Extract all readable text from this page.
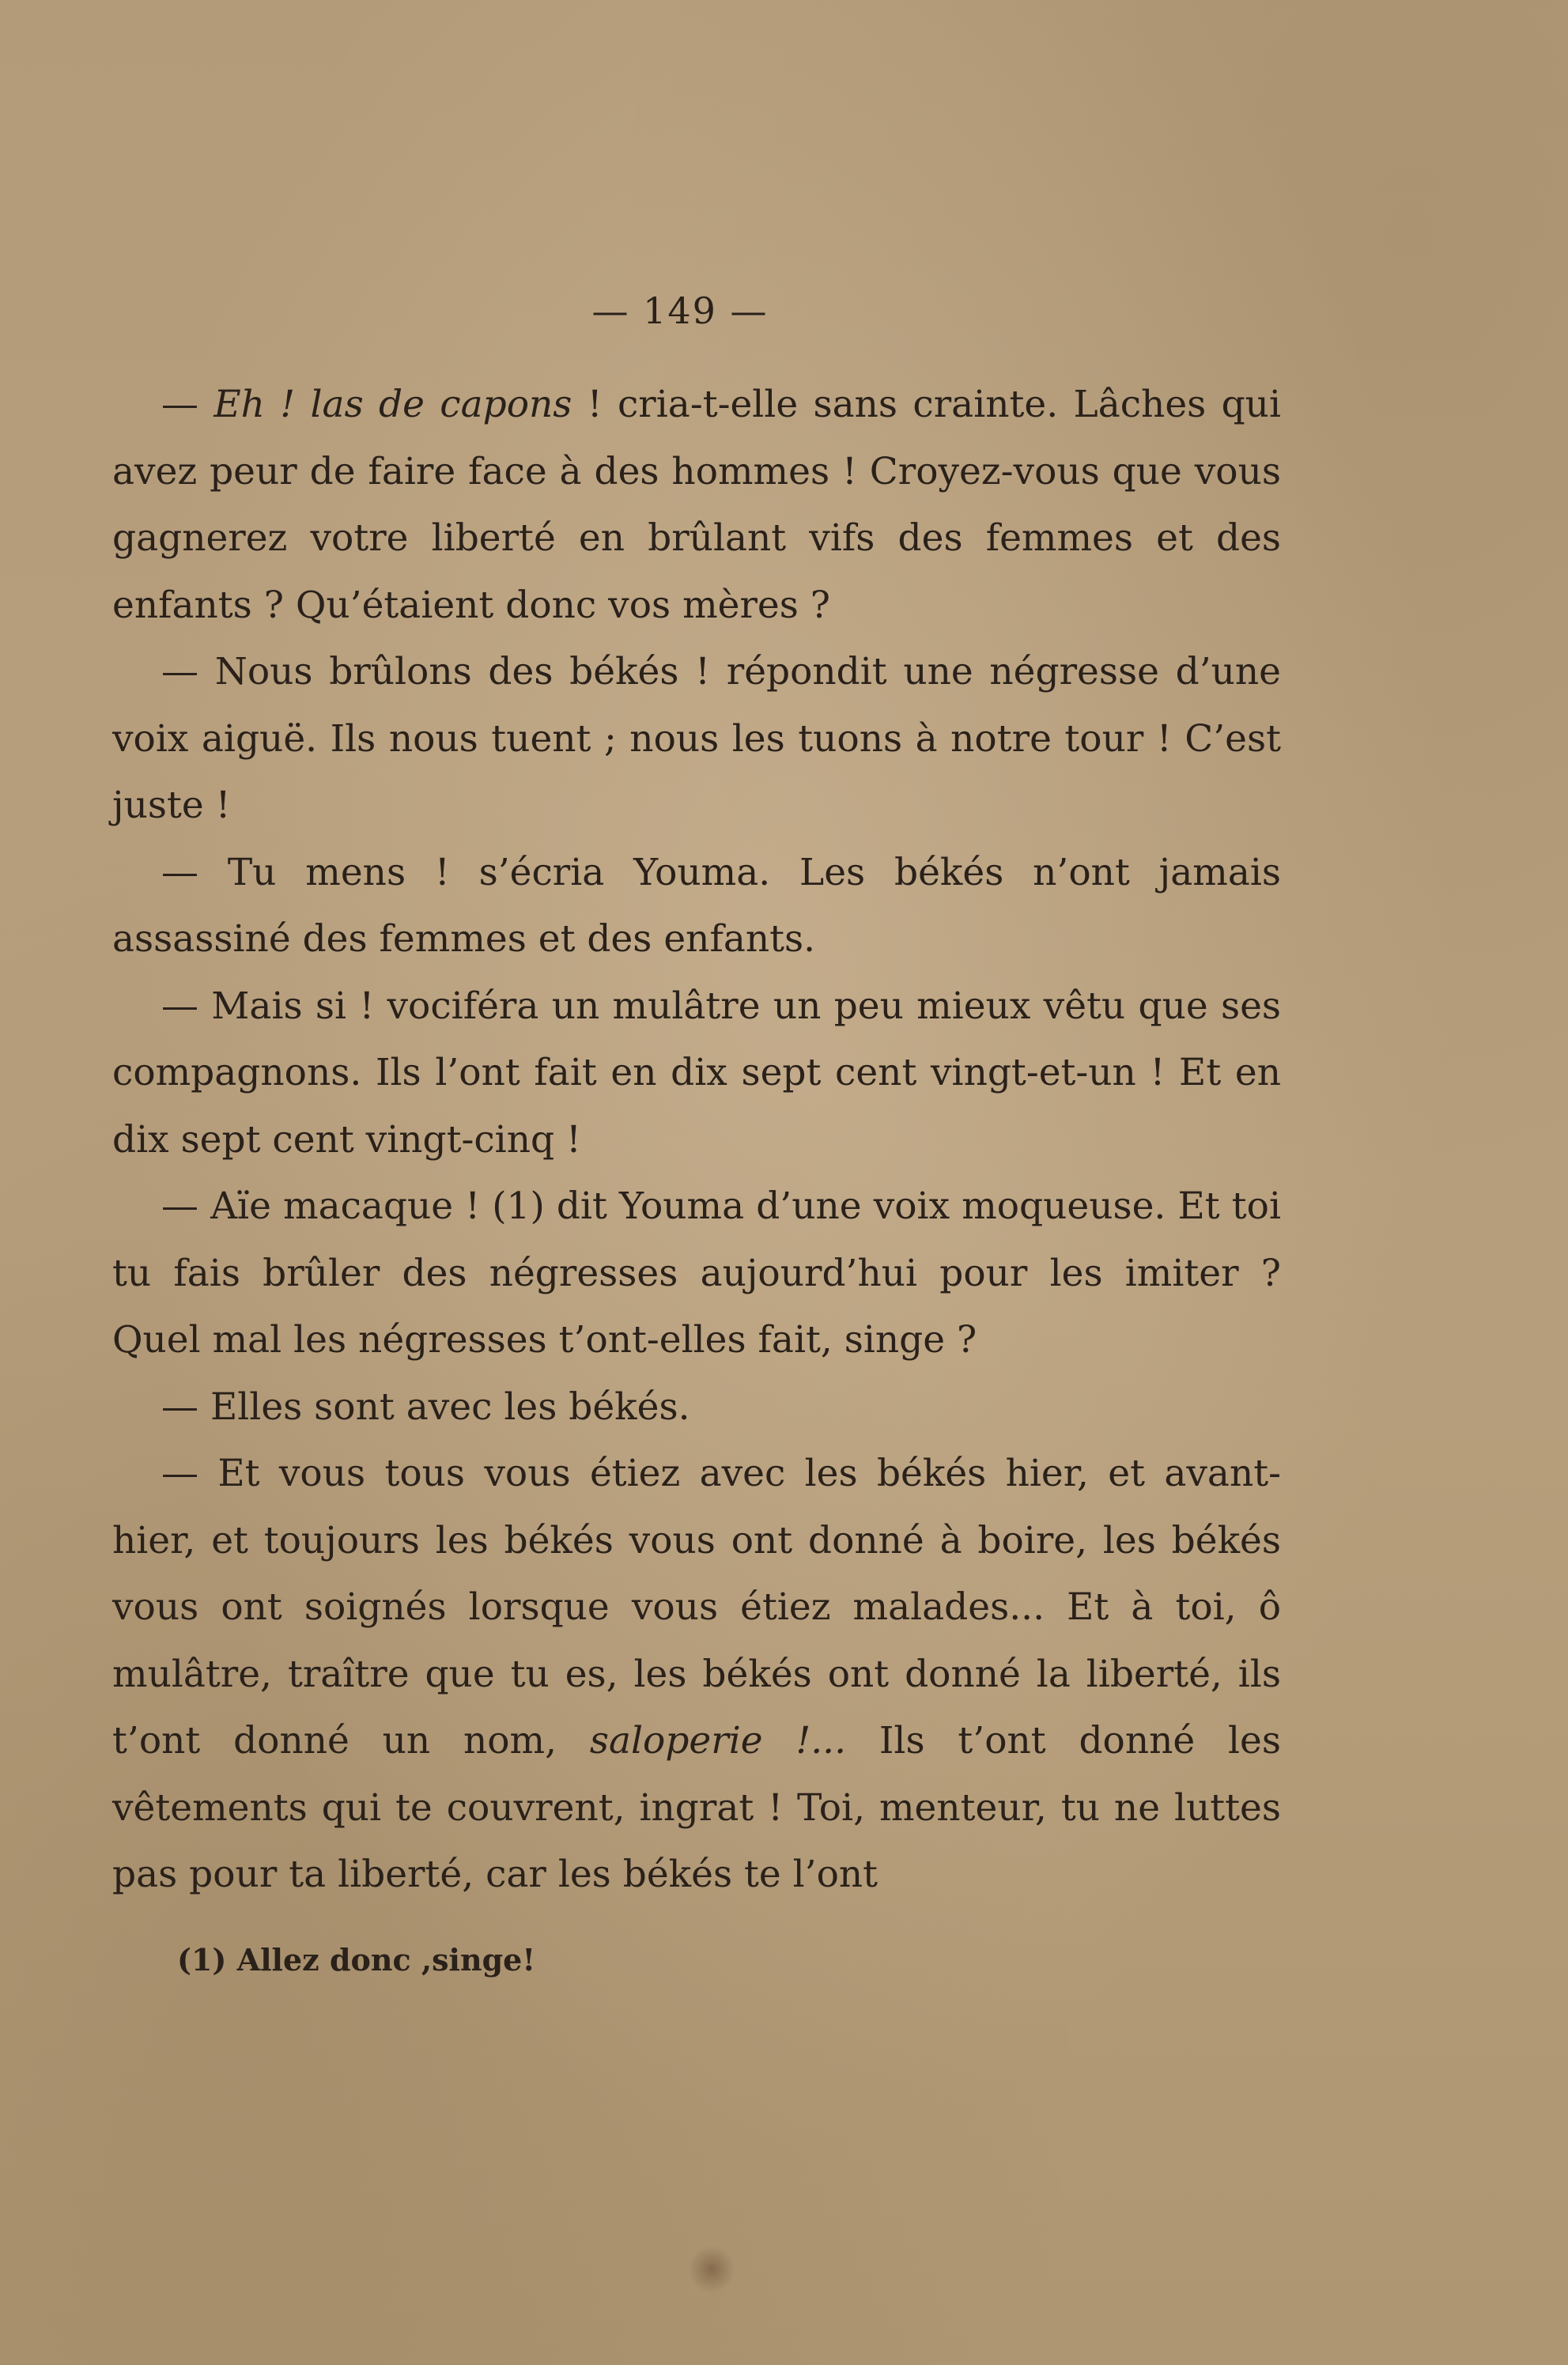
— 149 —

— Eh ! las de capons ! cria-t-elle sans crainte. Lâches qui avez peur de faire face à des hommes ! Croyez-vous que vous gagnerez votre liberté en brûlant vifs des femmes et des enfants ? Qu’étaient donc vos mères ?

— Nous brûlons des békés ! répondit une négresse d’une voix aiguë. Ils nous tuent ; nous les tuons à notre tour ! C’est juste !

— Tu mens ! s’écria Youma. Les békés n’ont jamais assassiné des femmes et des enfants.

— Mais si ! vociféra un mulâtre un peu mieux vêtu que ses compagnons. Ils l’ont fait en dix sept cent vingt-et-un ! Et en dix sept cent vingt-cinq !

— Aïe macaque ! (1) dit Youma d’une voix moqueuse. Et toi tu fais brûler des négresses aujourd’hui pour les imiter ? Quel mal les négresses t’ont-elles fait, singe ?

— Elles sont avec les békés.

— Et vous tous vous étiez avec les békés hier, et avant-hier, et toujours les békés vous ont donné à boire, les békés vous ont soignés lorsque vous étiez malades... Et à toi, ô mulâtre, traître que tu es, les békés ont donné la liberté, ils t’ont donné un nom, saloperie !... Ils t’ont donné les vêtements qui te couvrent, ingrat ! Toi, menteur, tu ne luttes pas pour ta liberté, car les békés te l’ont

(1) Allez donc ,singe!
